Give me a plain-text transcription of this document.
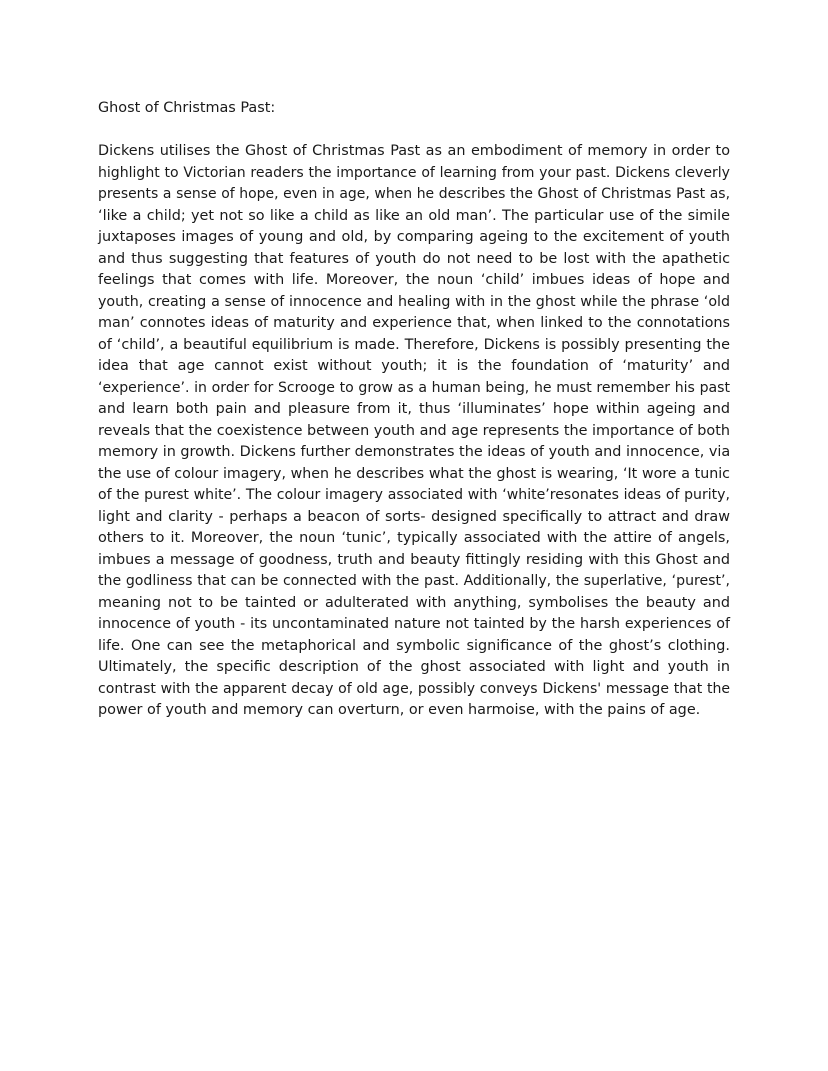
Ghost of Christmas Past:

Dickens utilises the Ghost of Christmas Past as an embodiment of memory in order to
highlight to Victorian readers the importance of learning from your past. Dickens cleverly
presents a sense of hope, even in age, when he describes the Ghost of Christmas Past as,
‘like a child; yet not so like a child as like an old man’. The particular use of the simile
juxtaposes images of young and old, by comparing ageing to the excitement of youth
and thus suggesting that features of youth do not need to be lost with the apathetic
feelings that comes with life. Moreover, the noun ‘child’ imbues ideas of hope and
youth, creating a sense of innocence and healing with in the ghost while the phrase ‘old
man’ connotes ideas of maturity and experience that, when linked to the connotations
of ‘child’, a beautiful equilibrium is made. Therefore, Dickens is possibly presenting the
idea that age cannot exist without youth; it is the foundation of ‘maturity’ and
‘experience’. in order for Scrooge to grow as a human being, he must remember his past
and learn both pain and pleasure from it, thus ‘illuminates’ hope within ageing and
reveals that the coexistence between youth and age represents the importance of both
memory in growth. Dickens further demonstrates the ideas of youth and innocence, via
the use of colour imagery, when he describes what the ghost is wearing, ‘It wore a tunic
of the purest white’. The colour imagery associated with ‘white’resonates ideas of purity,
light and clarity - perhaps a beacon of sorts- designed specifically to attract and draw
others to it. Moreover, the noun ‘tunic’, typically associated with the attire of angels,
imbues a message of goodness, truth and beauty fittingly residing with this Ghost and
the godliness that can be connected with the past. Additionally, the superlative, ‘purest’,
meaning not to be tainted or adulterated with anything, symbolises the beauty and
innocence of youth - its uncontaminated nature not tainted by the harsh experiences of
life. One can see the metaphorical and symbolic significance of the ghost’s clothing.
Ultimately, the specific description of the ghost associated with light and youth in
contrast with the apparent decay of old age, possibly conveys Dickens' message that the
power of youth and memory can overturn, or even harmoise, with the pains of age.
